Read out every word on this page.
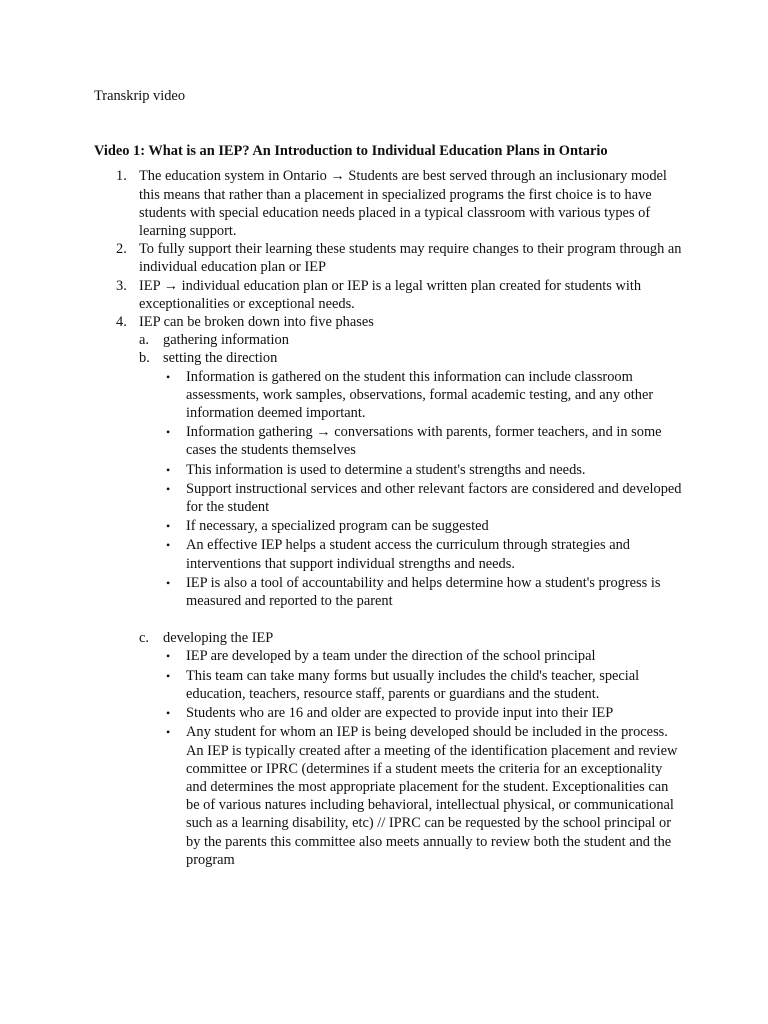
Transkrip video
Video 1: What is an IEP? An Introduction to Individual Education Plans in Ontario
1. The education system in Ontario → Students are best served through an inclusionary model this means that rather than a placement in specialized programs the first choice is to have students with special education needs placed in a typical classroom with various types of learning support.
2. To fully support their learning these students may require changes to their program through an individual education plan or IEP
3. IEP → individual education plan or IEP is a legal written plan created for students with exceptionalities or exceptional needs.
4. IEP can be broken down into five phases
a. gathering information
b. setting the direction
• Information is gathered on the student this information can include classroom assessments, work samples, observations, formal academic testing, and any other information deemed important.
• Information gathering → conversations with parents, former teachers, and in some cases the students themselves
• This information is used to determine a student's strengths and needs.
• Support instructional services and other relevant factors are considered and developed for the student
• If necessary, a specialized program can be suggested
• An effective IEP helps a student access the curriculum through strategies and interventions that support individual strengths and needs.
• IEP is also a tool of accountability and helps determine how a student's progress is measured and reported to the parent
c. developing the IEP
• IEP are developed by a team under the direction of the school principal
• This team can take many forms but usually includes the child's teacher, special education, teachers, resource staff, parents or guardians and the student.
• Students who are 16 and older are expected to provide input into their IEP
• Any student for whom an IEP is being developed should be included in the process. An IEP is typically created after a meeting of the identification placement and review committee or IPRC (determines if a student meets the criteria for an exceptionality and determines the most appropriate placement for the student. Exceptionalities can be of various natures including behavioral, intellectual physical, or communicational such as a learning disability, etc) // IPRC can be requested by the school principal or by the parents this committee also meets annually to review both the student and the program
